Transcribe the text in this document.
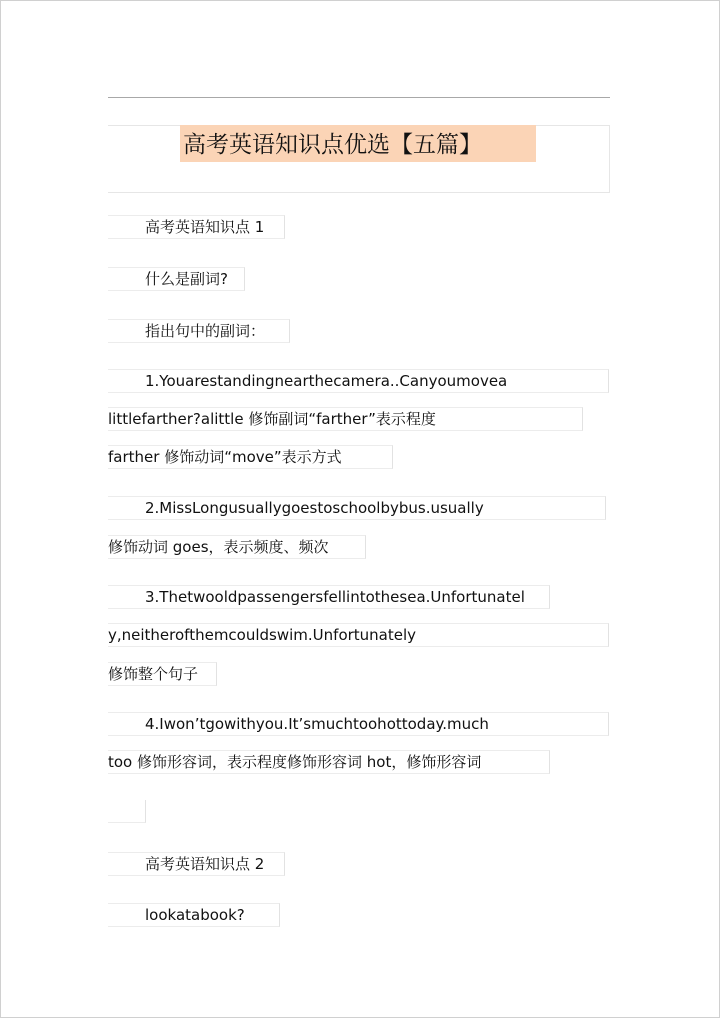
高考英语知识点优选【五篇】
高考英语知识点 1
什么是副词?
指出句中的副词：
1.Youarestandingnearthecamera..Canyoumovea
littlefarther?alittle 修饰副词“farther”表示程度
farther 修饰动词“move”表示方式
2.MissLongusuallygoestoschoolbybus.usually
修饰动词 goes，表示频度、频次
3.Thetwooldpassengersfellintothesea.Unfortunatel
y,neitherofthemcouldswim.Unfortunately
修饰整个句子
4.Iwon’tgowithyou.It’smuchtoohottoday.much
too 修饰形容词，表示程度修饰形容词 hot，修饰形容词
高考英语知识点 2
lookatabook?
